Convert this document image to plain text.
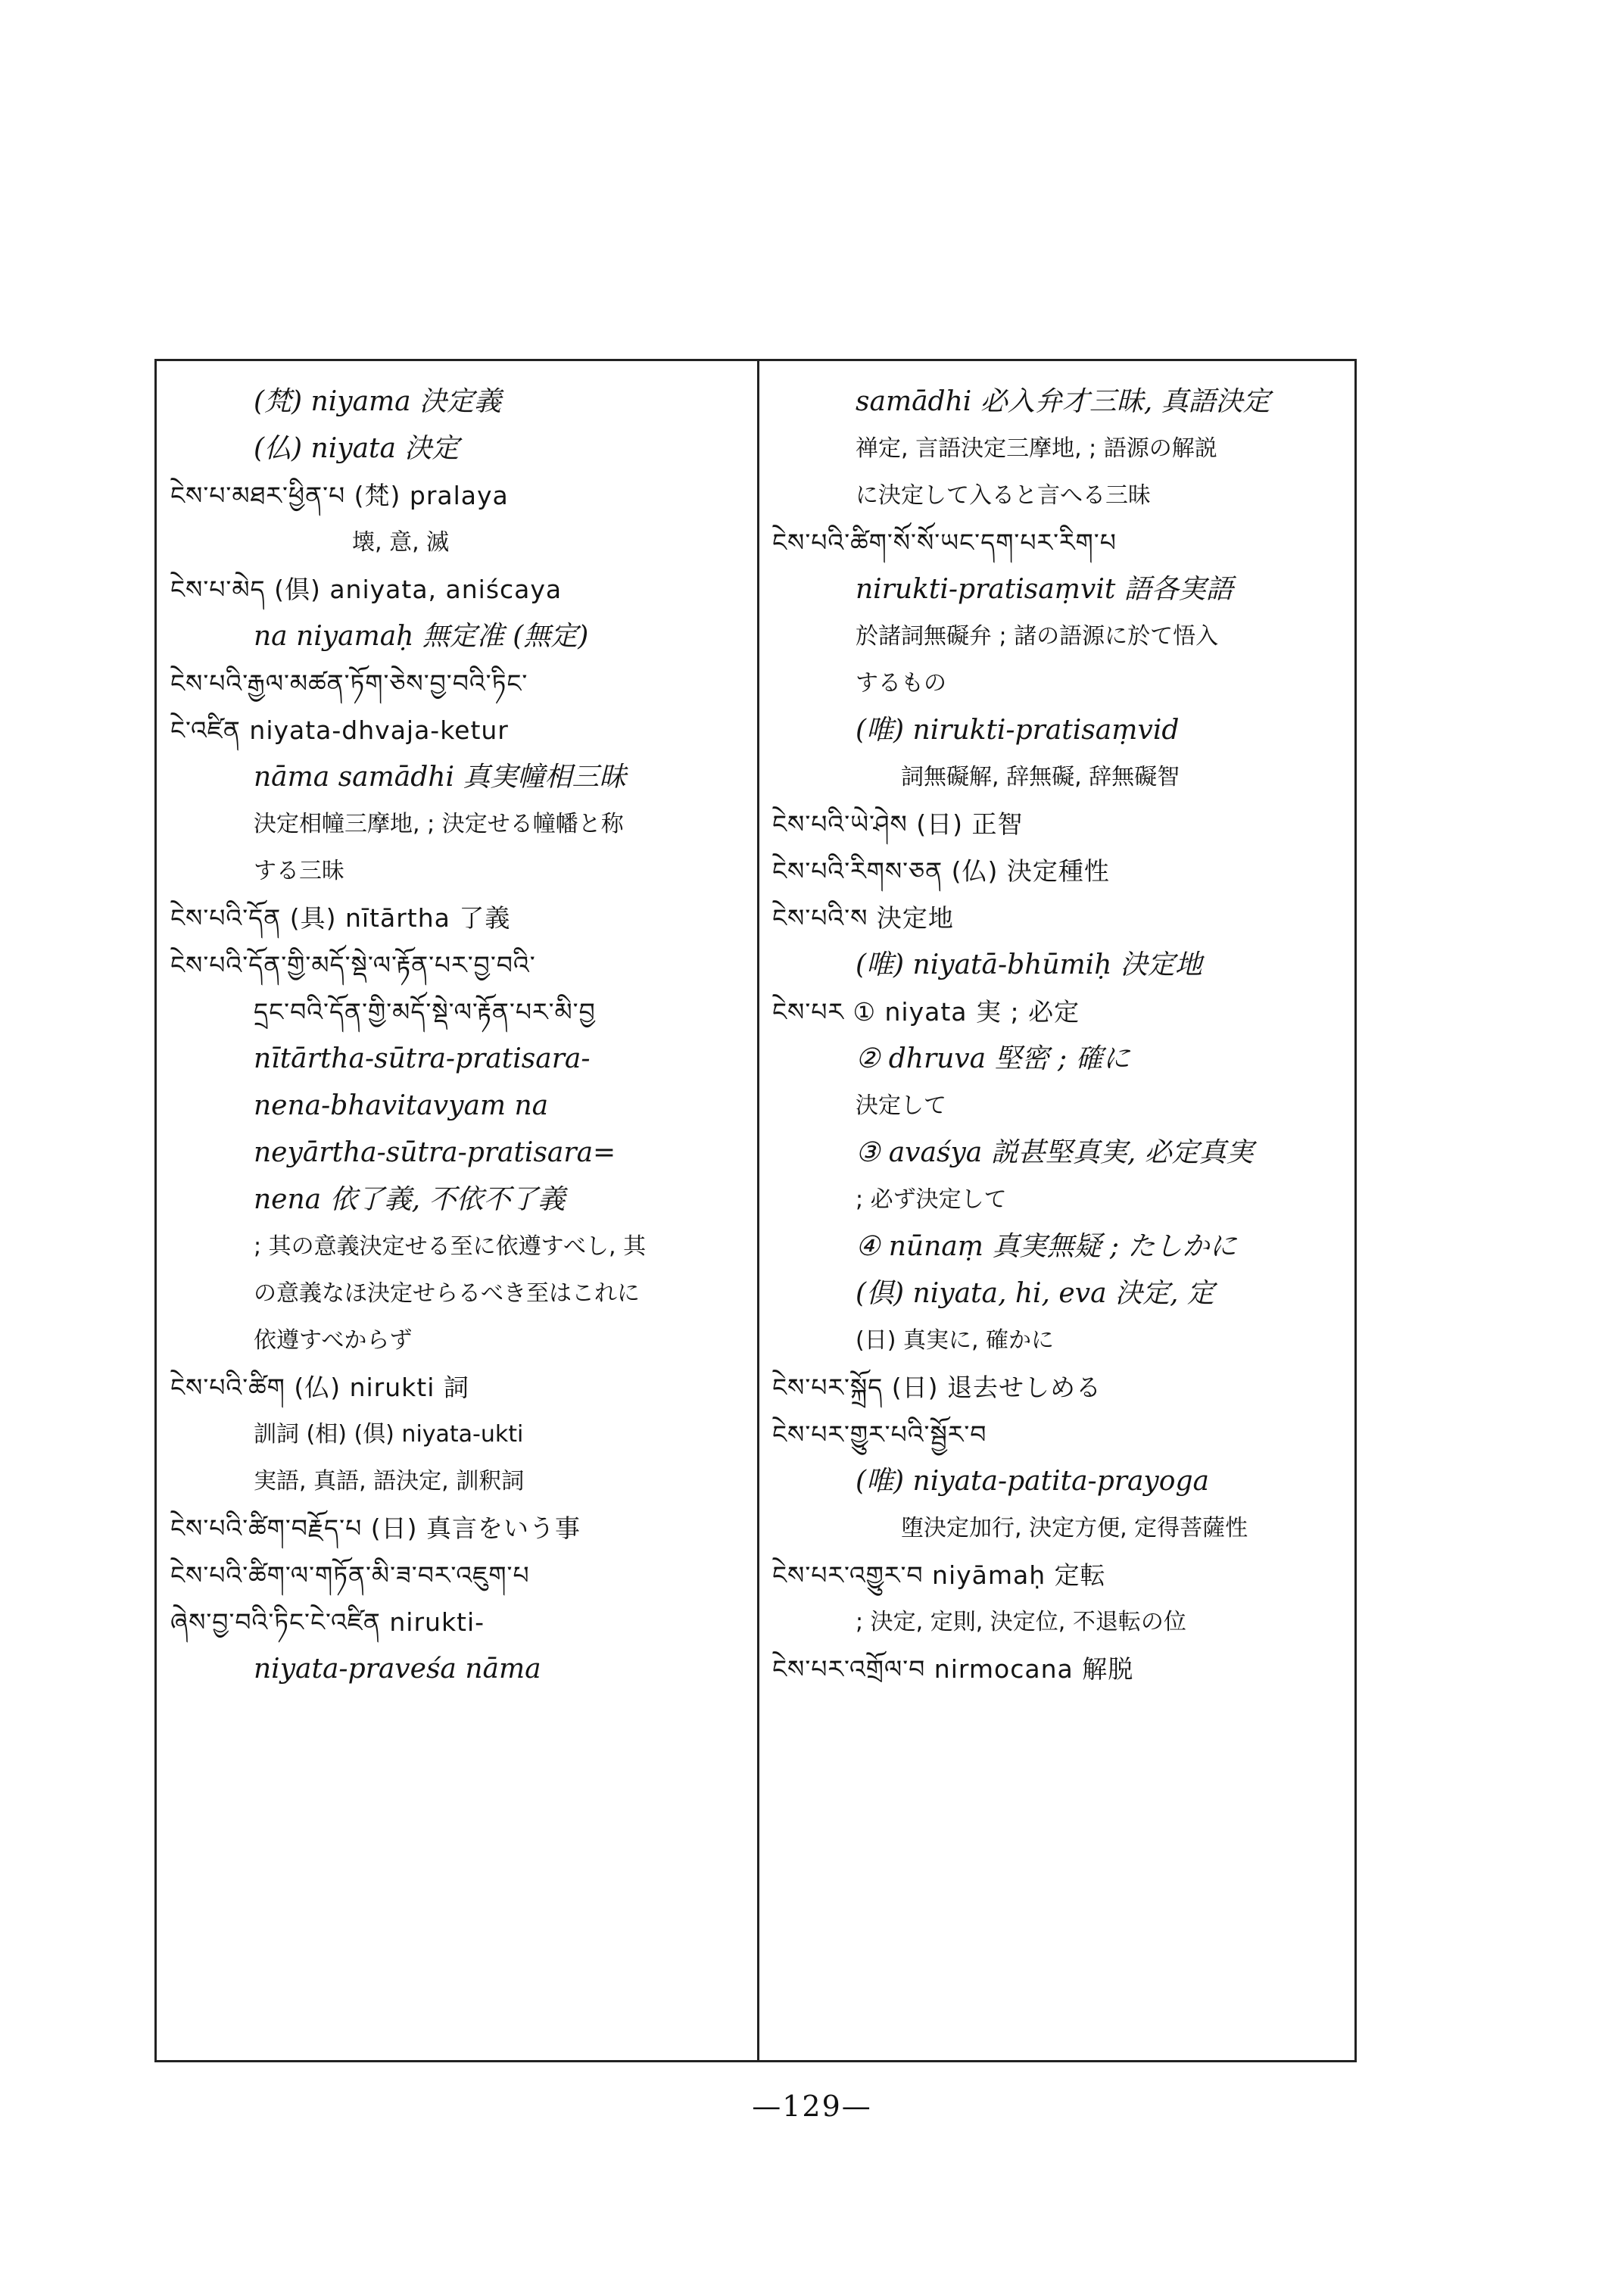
(梵) niyama 決定義
(仏) niyata 決定
ངེས་པ་མཐར་ཕྱིན་པ (梵) pralaya
壊, 意, 滅
ངེས་པ་མེད (倶) aniyata, aniścaya
na niyamaḥ 無定准 (無定)
ངེས་པའི་རྒྱལ་མཚན་ཏོག་ཅེས་བྱ་བའི་ཏིང་
ངེ་འཛིན niyata-dhvaja-ketur
nāma samādhi 真実幢相三昧
決定相幢三摩地, ; 決定せる幢幡と称
する三昧
ངེས་པའི་དོན (具) nītārtha 了義
ངེས་པའི་དོན་གྱི་མདོ་སྡེ་ལ་རྟོན་པར་བྱ་བའི་
དྲང་བའི་དོན་གྱི་མདོ་སྡེ་ལ་རྟོན་པར་མི་བྱ
nītārtha-sūtra-pratisara-
nena-bhavitavyam na
neyārtha-sūtra-pratisara=
nena 依了義, 不依不了義
; 其の意義決定せる至に依遵すべし, 其
の意義なほ決定せらるべき至はこれに
依遵すべからず
ངེས་པའི་ཚིག (仏) nirukti 詞
訓詞 (相) (倶) niyata-ukti
実語, 真語, 語決定, 訓釈詞
ངེས་པའི་ཚིག་བརྗོད་པ (日) 真言をいう事
ངེས་པའི་ཚིག་ལ་གཏོན་མི་ཟ་བར་འཇུག་པ
ཞེས་བྱ་བའི་ཏིང་ངེ་འཛིན nirukti-
niyata-praveśa nāma
samādhi 必入弁才三昧, 真語決定
禅定, 言語決定三摩地, ; 語源の解説
に決定して入ると言へる三昧
ངེས་པའི་ཚིག་སོ་སོ་ཡང་དག་པར་རིག་པ
nirukti-pratisaṃvit 語各実語
於諸詞無礙弁 ; 諸の語源に於て悟入
するもの
(唯) nirukti-pratisaṃvid
詞無礙解, 辞無礙, 辞無礙智
ངེས་པའི་ཡེ་ཤེས (日) 正智
ངེས་པའི་རིགས་ཅན (仏) 決定種性
ངེས་པའི་ས 決定地
(唯) niyatā-bhūmiḥ 決定地
ངེས་པར ① niyata 実 ; 必定
② dhruva 堅密 ; 確に
決定して
③ avaśya 説甚堅真実, 必定真実
; 必ず決定して
④ nūnaṃ 真実無疑 ; たしかに
(倶) niyata, hi, eva 決定, 定
(日) 真実に, 確かに
ངེས་པར་སྐྲོད (日) 退去せしめる
ངེས་པར་གྱུར་པའི་སྦྱོར་བ
(唯) niyata-patita-prayoga
堕決定加行, 決定方便, 定得菩薩性
ངེས་པར་འགྱུར་བ niyāmaḥ 定転
; 決定, 定則, 決定位, 不退転の位
ངེས་པར་འགྲོལ་བ nirmocana 解脱
—129—
